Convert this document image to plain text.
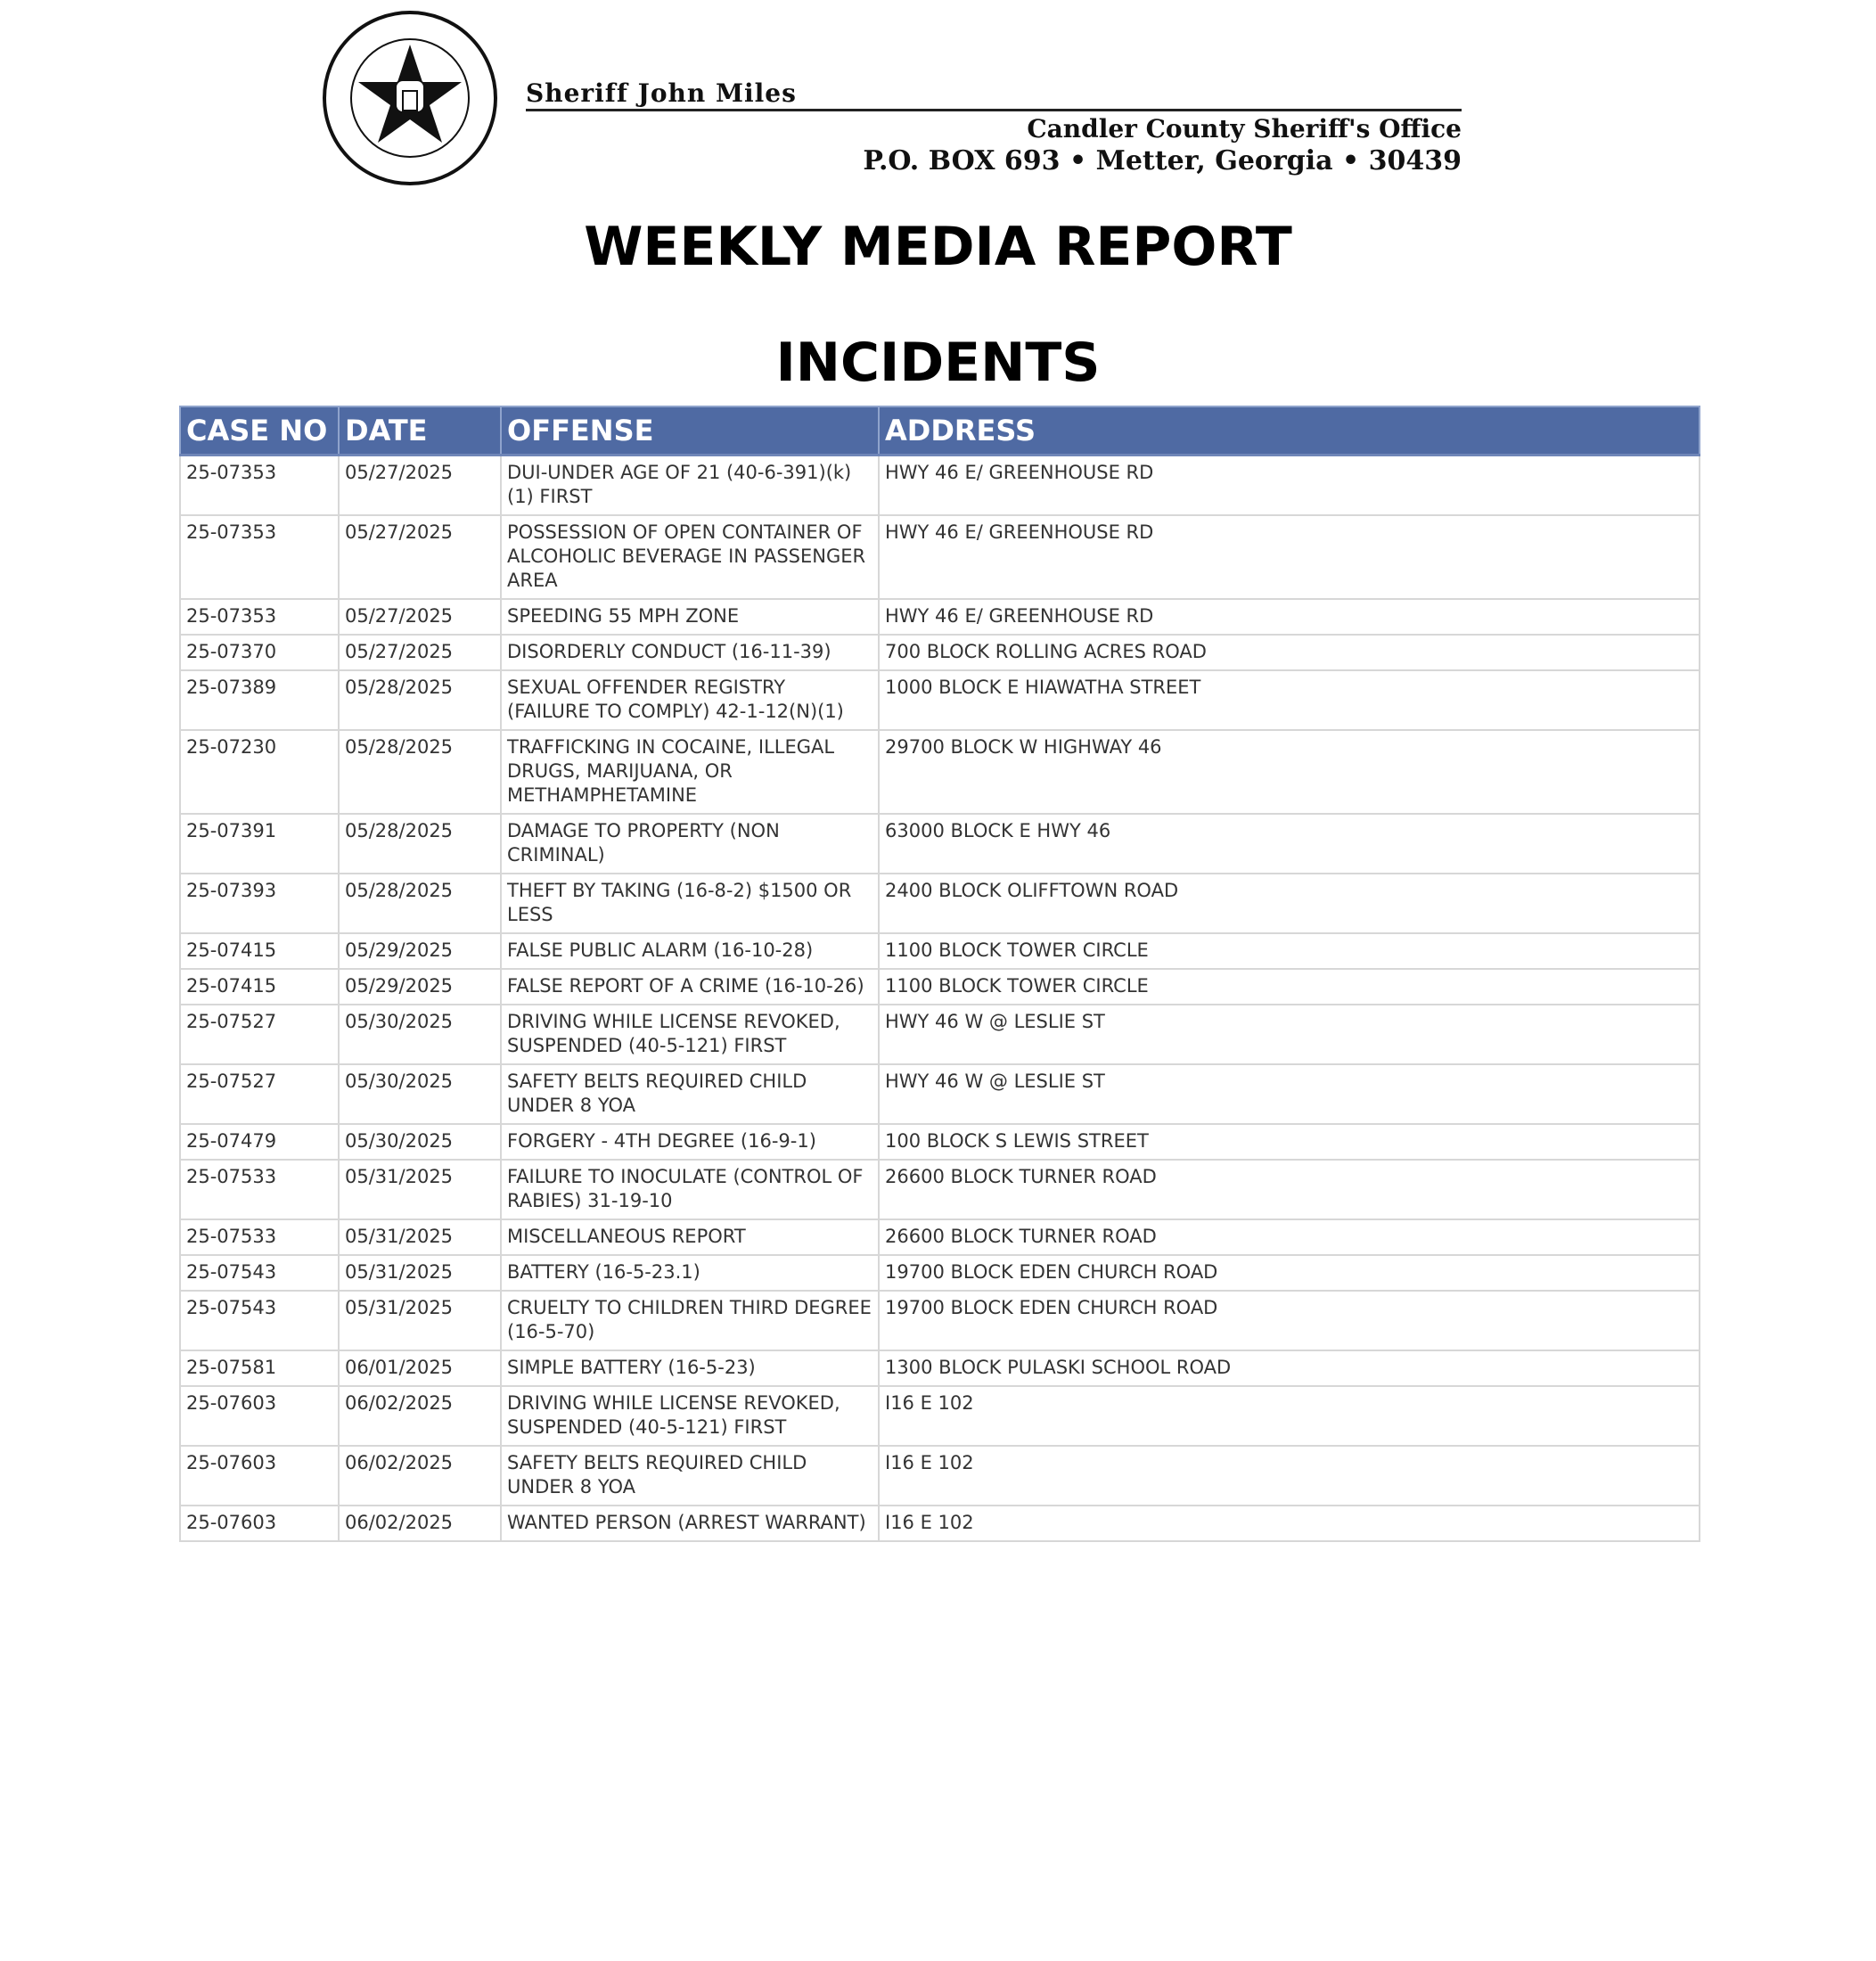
Sheriff John Miles
Candler County Sheriff's Office
P.O. BOX 693 • Metter, Georgia • 30439
WEEKLY MEDIA REPORT
INCIDENTS
CASE NO	DATE	OFFENSE	ADDRESS
25-07353	05/27/2025	DUI-UNDER AGE OF 21 (40-6-391)(k)(1) FIRST	HWY 46 E/ GREENHOUSE RD
25-07353	05/27/2025	POSSESSION OF OPEN CONTAINER OF ALCOHOLIC BEVERAGE IN PASSENGER AREA	HWY 46 E/ GREENHOUSE RD
25-07353	05/27/2025	SPEEDING 55 MPH ZONE	HWY 46 E/ GREENHOUSE RD
25-07370	05/27/2025	DISORDERLY CONDUCT (16-11-39)	700 BLOCK ROLLING ACRES ROAD
25-07389	05/28/2025	SEXUAL OFFENDER REGISTRY (FAILURE TO COMPLY) 42-1-12(N)(1)	1000 BLOCK E HIAWATHA STREET
25-07230	05/28/2025	TRAFFICKING IN COCAINE, ILLEGAL DRUGS, MARIJUANA, OR METHAMPHETAMINE	29700 BLOCK W HIGHWAY 46
25-07391	05/28/2025	DAMAGE TO PROPERTY (NON CRIMINAL)	63000 BLOCK E HWY 46
25-07393	05/28/2025	THEFT BY TAKING (16-8-2) $1500 OR LESS	2400 BLOCK OLIFFTOWN ROAD
25-07415	05/29/2025	FALSE PUBLIC ALARM (16-10-28)	1100 BLOCK TOWER CIRCLE
25-07415	05/29/2025	FALSE REPORT OF A CRIME (16-10-26)	1100 BLOCK TOWER CIRCLE
25-07527	05/30/2025	DRIVING WHILE LICENSE REVOKED, SUSPENDED (40-5-121) FIRST	HWY 46 W @ LESLIE ST
25-07527	05/30/2025	SAFETY BELTS REQUIRED CHILD UNDER 8 YOA	HWY 46 W @ LESLIE ST
25-07479	05/30/2025	FORGERY - 4TH DEGREE (16-9-1)	100 BLOCK S LEWIS STREET
25-07533	05/31/2025	FAILURE TO INOCULATE (CONTROL OF RABIES) 31-19-10	26600 BLOCK TURNER ROAD
25-07533	05/31/2025	MISCELLANEOUS REPORT	26600 BLOCK TURNER ROAD
25-07543	05/31/2025	BATTERY (16-5-23.1)	19700 BLOCK EDEN CHURCH ROAD
25-07543	05/31/2025	CRUELTY TO CHILDREN THIRD DEGREE (16-5-70)	19700 BLOCK EDEN CHURCH ROAD
25-07581	06/01/2025	SIMPLE BATTERY (16-5-23)	1300 BLOCK PULASKI SCHOOL ROAD
25-07603	06/02/2025	DRIVING WHILE LICENSE REVOKED, SUSPENDED (40-5-121) FIRST	I16 E 102
25-07603	06/02/2025	SAFETY BELTS REQUIRED CHILD UNDER 8 YOA	I16 E 102
25-07603	06/02/2025	WANTED PERSON (ARREST WARRANT)	I16 E 102
